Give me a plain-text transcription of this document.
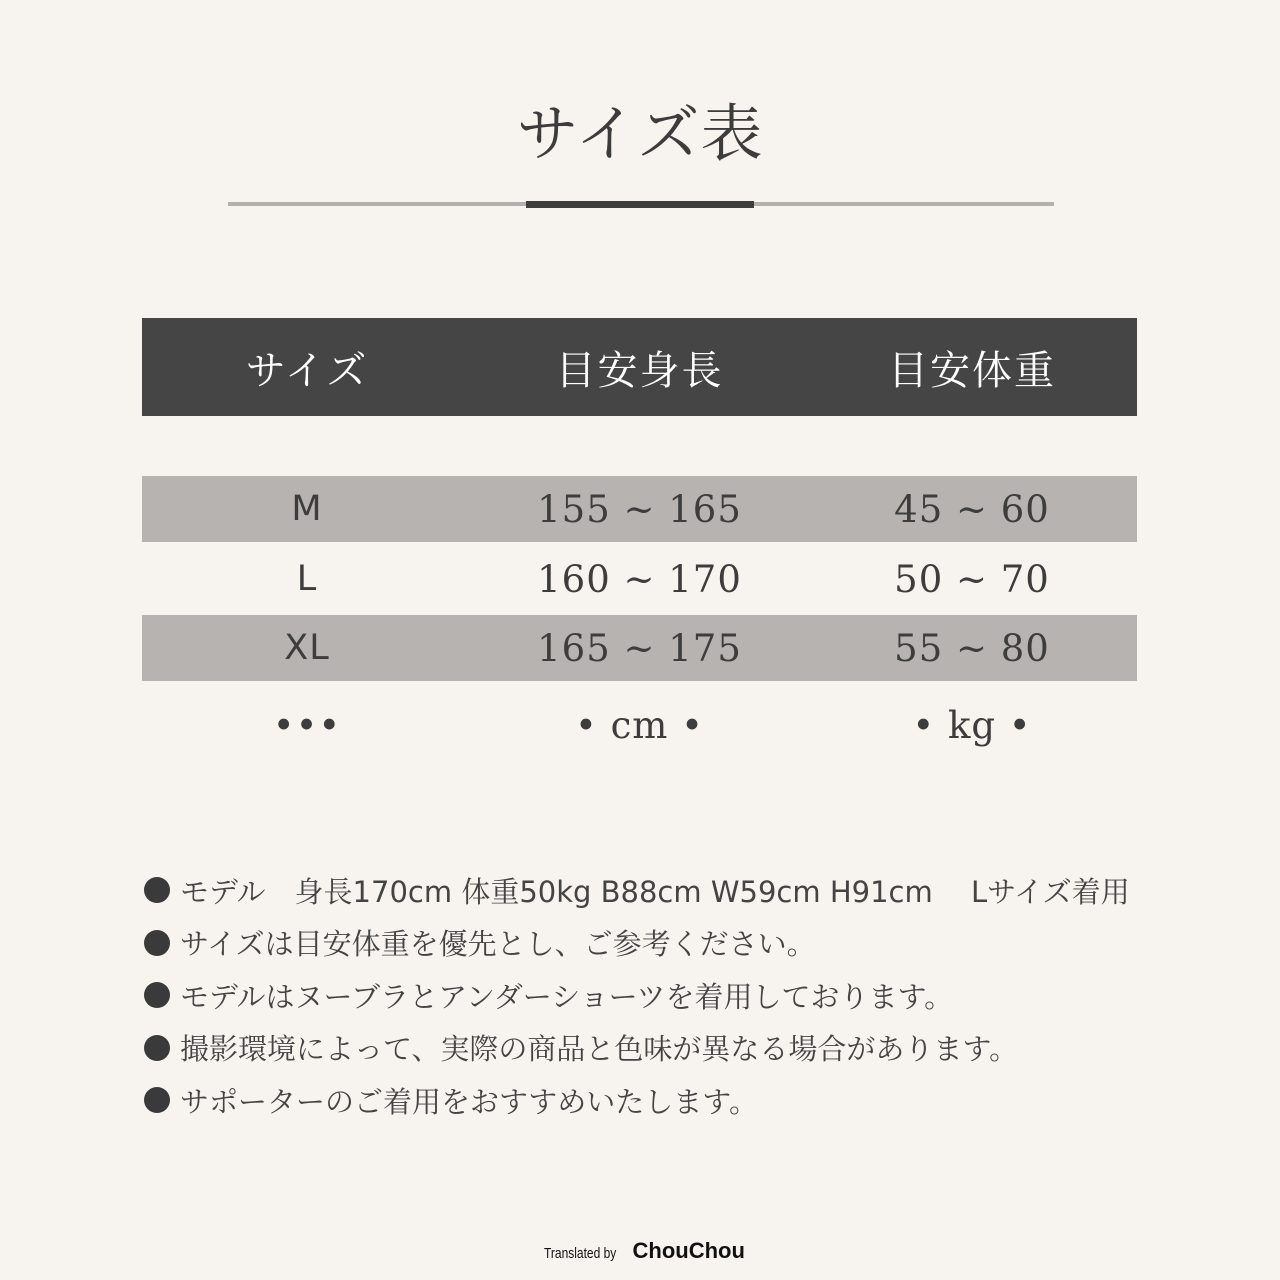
サイズ表
サイズ	目安身長	目安体重
M	155 ~ 165	45 ~ 60
L	160 ~ 170	50 ~ 70
XL	165 ~ 175	55 ~ 80
•••	• cm •	• kg •
モデル　身長170cm 体重50kg B88cm W59cm H91cm　 Lサイズ着用
サイズは目安体重を優先とし、ご参考ください。
モデルはヌーブラとアンダーショーツを着用しております。
撮影環境によって、実際の商品と色味が異なる場合があります。
サポーターのご着用をおすすめいたします。
Translated by ChouChou
